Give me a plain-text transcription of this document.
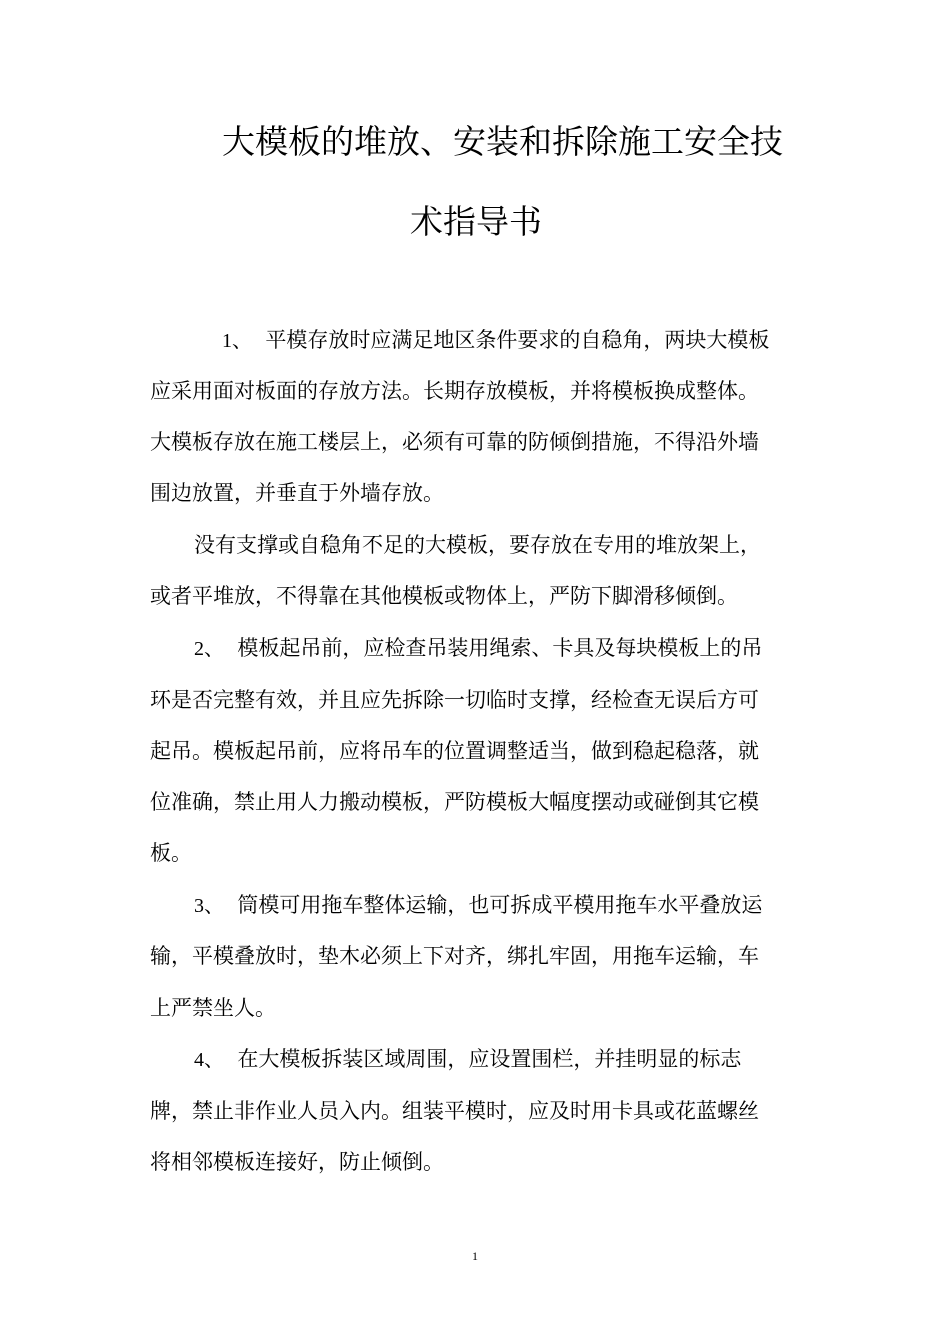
大模板的堆放、安装和拆除施工安全技
术指导书
1、 平模存放时应满足地区条件要求的自稳角，两块大模板
应采用面对板面的存放方法。长期存放模板，并将模板换成整体。
大模板存放在施工楼层上，必须有可靠的防倾倒措施，不得沿外墙
围边放置，并垂直于外墙存放。
没有支撑或自稳角不足的大模板，要存放在专用的堆放架上，
或者平堆放，不得靠在其他模板或物体上，严防下脚滑移倾倒。
2、 模板起吊前，应检查吊装用绳索、卡具及每块模板上的吊
环是否完整有效，并且应先拆除一切临时支撑，经检查无误后方可
起吊。模板起吊前，应将吊车的位置调整适当，做到稳起稳落，就
位准确，禁止用人力搬动模板，严防模板大幅度摆动或碰倒其它模
板。
3、 筒模可用拖车整体运输，也可拆成平模用拖车水平叠放运
输，平模叠放时，垫木必须上下对齐，绑扎牢固，用拖车运输，车
上严禁坐人。
4、 在大模板拆装区域周围，应设置围栏，并挂明显的标志
牌，禁止非作业人员入内。组装平模时，应及时用卡具或花蓝螺丝
将相邻模板连接好，防止倾倒。
1
